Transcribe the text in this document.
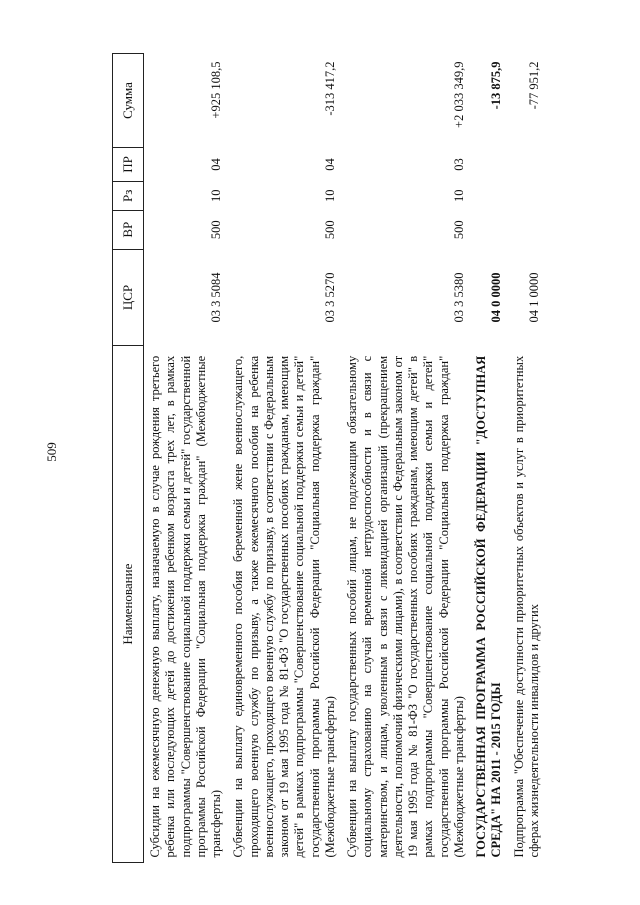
509
Наименование	ЦСР	ВР	Рз	ПР	Сумма
Субсидии на ежемесячную денежную выплату, назначаемую в случае рождения третьего ребенка или последующих детей до достижения ребенком возраста трех лет, в рамках подпрограммы "Совершенствование социальной поддержки семьи и детей" государственной программы Российской Федерации "Социальная поддержка граждан" (Межбюджетные трансферты)	03 3 5084	500	10	04	+925 108,5
Субвенции на выплату единовременного пособия беременной жене военнослужащего, проходящего военную службу по призыву, а также ежемесячного пособия на ребенка военнослужащего, проходящего военную службу по призыву, в соответствии с Федеральным законом от 19 мая 1995 года № 81-ФЗ "О государственных пособиях гражданам, имеющим детей" в рамках подпрограммы "Совершенствование социальной поддержки семьи и детей" государственной программы Российской Федерации "Социальная поддержка граждан" (Межбюджетные трансферты)	03 3 5270	500	10	04	-313 417,2
Субвенции на выплату государственных пособий лицам, не подлежащим обязательному социальному страхованию на случай временной нетрудоспособности и в связи с материнством, и лицам, уволенным в связи с ликвидацией организаций (прекращением деятельности, полномочий физическими лицами), в соответствии с Федеральным законом от 19 мая 1995 года № 81-ФЗ "О государственных пособиях гражданам, имеющим детей" в рамках подпрограммы "Совершенствование социальной поддержки семьи и детей" государственной программы Российской Федерации "Социальная поддержка граждан" (Межбюджетные трансферты)	03 3 5380	500	10	03	+2 033 349,9
ГОСУДАРСТВЕННАЯ ПРОГРАММА РОССИЙСКОЙ ФЕДЕРАЦИИ "ДОСТУПНАЯ СРЕДА" НА 2011 - 2015 ГОДЫ	04 0 0000				-13 875,9
Подпрограмма "Обеспечение доступности приоритетных объектов и услуг в приоритетных сферах жизнедеятельности инвалидов и других	04 1 0000				-77 951,2
